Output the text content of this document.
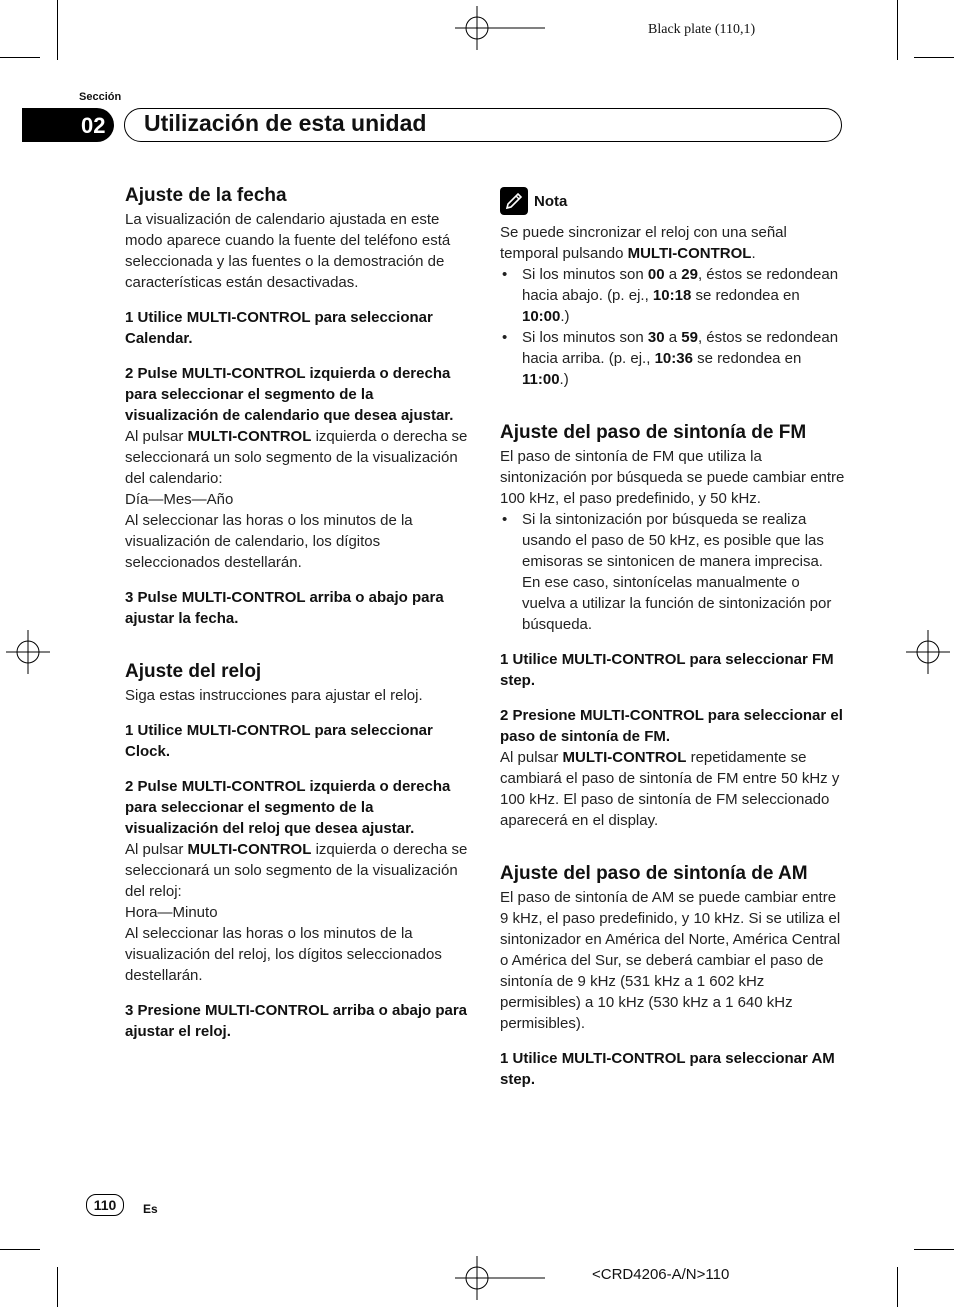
Black plate (110,1)
Sección
02 Utilización de esta unidad
Ajuste de la fecha

La visualización de calendario ajustada en este modo aparece cuando la fuente del teléfono está seleccionada y las fuentes o la demostración de características están desactivadas.

1 Utilice MULTI-CONTROL para seleccionar Calendar.

2 Pulse MULTI-CONTROL izquierda o derecha para seleccionar el segmento de la visualización de calendario que desea ajustar.

Al pulsar MULTI-CONTROL izquierda o derecha se seleccionará un solo segmento de la visualización del calendario:

Día—Mes—Año

Al seleccionar las horas o los minutos de la visualización de calendario, los dígitos seleccionados destellarán.

3 Pulse MULTI-CONTROL arriba o abajo para ajustar la fecha.

Ajuste del reloj

Siga estas instrucciones para ajustar el reloj.

1 Utilice MULTI-CONTROL para seleccionar Clock.

2 Pulse MULTI-CONTROL izquierda o derecha para seleccionar el segmento de la visualización del reloj que desea ajustar.

Al pulsar MULTI-CONTROL izquierda o derecha se seleccionará un solo segmento de la visualización del reloj:

Hora—Minuto

Al seleccionar las horas o los minutos de la visualización del reloj, los dígitos seleccionados destellarán.

3 Presione MULTI-CONTROL arriba o abajo para ajustar el reloj.

Nota

Se puede sincronizar el reloj con una señal temporal pulsando MULTI-CONTROL.

• Si los minutos son 00 a 29, éstos se redondean hacia abajo. (p. ej., 10:18 se redondea en 10:00.)
• Si los minutos son 30 a 59, éstos se redondean hacia arriba. (p. ej., 10:36 se redondea en 11:00.)
Ajuste del paso de sintonía de FM

El paso de sintonía de FM que utiliza la sintonización por búsqueda se puede cambiar entre 100 kHz, el paso predefinido, y 50 kHz.

• Si la sintonización por búsqueda se realiza usando el paso de 50 kHz, es posible que las emisoras se sintonicen de manera imprecisa. En ese caso, sintonícelas manualmente o vuelva a utilizar la función de sintonización por búsqueda.

1 Utilice MULTI-CONTROL para seleccionar FM step.

2 Presione MULTI-CONTROL para seleccionar el paso de sintonía de FM.

Al pulsar MULTI-CONTROL repetidamente se cambiará el paso de sintonía de FM entre 50 kHz y 100 kHz. El paso de sintonía de FM seleccionado aparecerá en el display.

Ajuste del paso de sintonía de AM

El paso de sintonía de AM se puede cambiar entre 9 kHz, el paso predefinido, y 10 kHz. Si se utiliza el sintonizador en América del Norte, América Central o América del Sur, se deberá cambiar el paso de sintonía de 9 kHz (531 kHz a 1 602 kHz permisibles) a 10 kHz (530 kHz a 1 640 kHz permisibles).

1 Utilice MULTI-CONTROL para seleccionar AM step.

110	Es
<CRD4206-A/N>110
